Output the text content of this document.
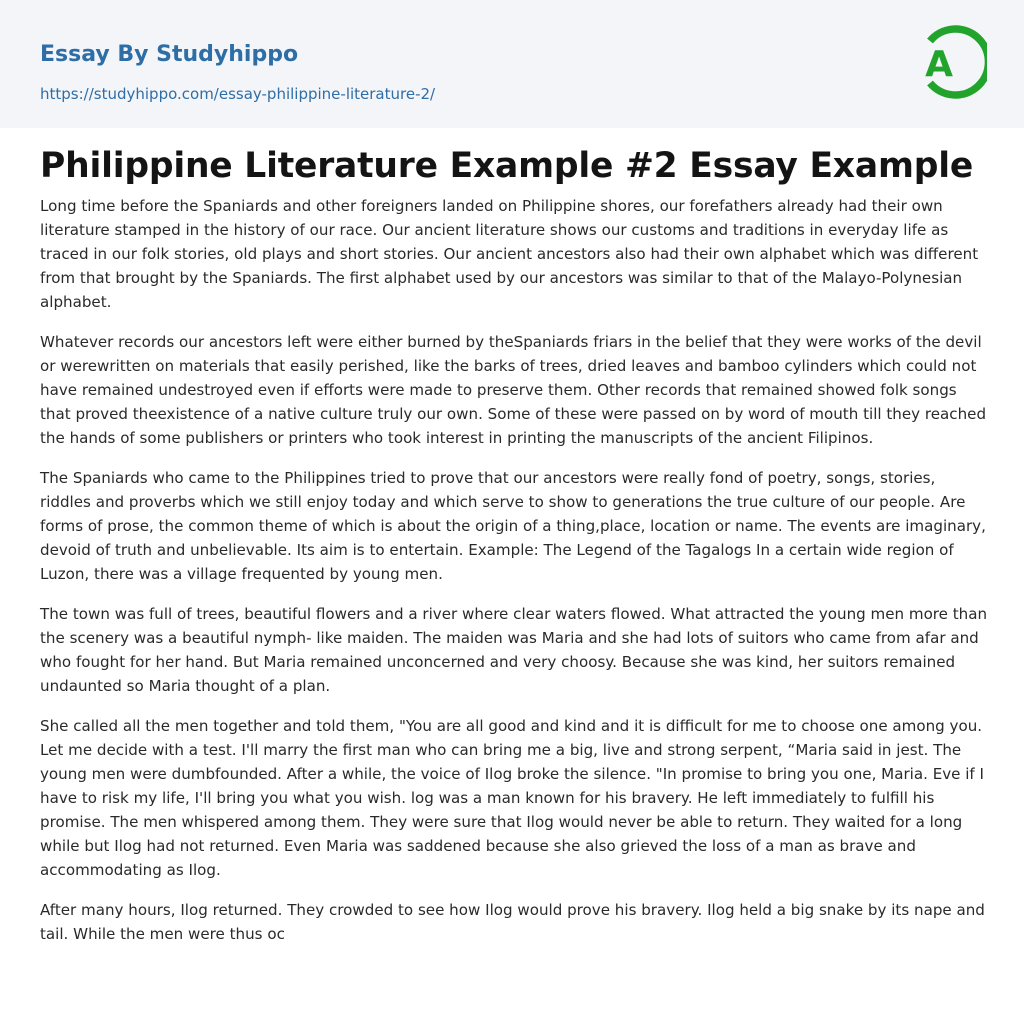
Essay By Studyhippo
https://studyhippo.com/essay-philippine-literature-2/
A
Philippine Literature Example #2 Essay Example

Long time before the Spaniards and other foreigners landed on Philippine shores, our forefathers already had their own literature stamped in the history of our race. Our ancient literature shows our customs and traditions in everyday life as traced in our folk stories, old plays and short stories. Our ancient ancestors also had their own alphabet which was different from that brought by the Spaniards. The first alphabet used by our ancestors was similar to that of the Malayo-Polynesian alphabet.

Whatever records our ancestors left were either burned by theSpaniards friars in the belief that they were works of the devil or werewritten on materials that easily perished, like the barks of trees, dried leaves and bamboo cylinders which could not have remained undestroyed even if efforts were made to preserve them. Other records that remained showed folk songs that proved theexistence of a native culture truly our own. Some of these were passed on by word of mouth till they reached the hands of some publishers or printers who took interest in printing the manuscripts of the ancient Filipinos.

The Spaniards who came to the Philippines tried to prove that our ancestors were really fond of poetry, songs, stories, riddles and proverbs which we still enjoy today and which serve to show to generations the true culture of our people. Are forms of prose, the common theme of which is about the origin of a thing,place, location or name. The events are imaginary, devoid of truth and unbelievable. Its aim is to entertain. Example: The Legend of the Tagalogs In a certain wide region of Luzon, there was a village frequented by young men.

The town was full of trees, beautiful flowers and a river where clear waters flowed. What attracted the young men more than the scenery was a beautiful nymph- like maiden. The maiden was Maria and she had lots of suitors who came from afar and who fought for her hand. But Maria remained unconcerned and very choosy. Because she was kind, her suitors remained undaunted so Maria thought of a plan.

She called all the men together and told them, "You are all good and kind and it is difficult for me to choose one among you. Let me decide with a test. I'll marry the first man who can bring me a big, live and strong serpent, “Maria said in jest. The young men were dumbfounded. After a while, the voice of Ilog broke the silence. "In promise to bring you one, Maria. Eve if I have to risk my life, I'll bring you what you wish. log was a man known for his bravery. He left immediately to fulfill his promise. The men whispered among them. They were sure that Ilog would never be able to return. They waited for a long while but Ilog had not returned. Even Maria was saddened because she also grieved the loss of a man as brave and accommodating as Ilog.

After many hours, Ilog returned. They crowded to see how Ilog would prove his bravery. Ilog held a big snake by its nape and tail. While the men were thus oc
